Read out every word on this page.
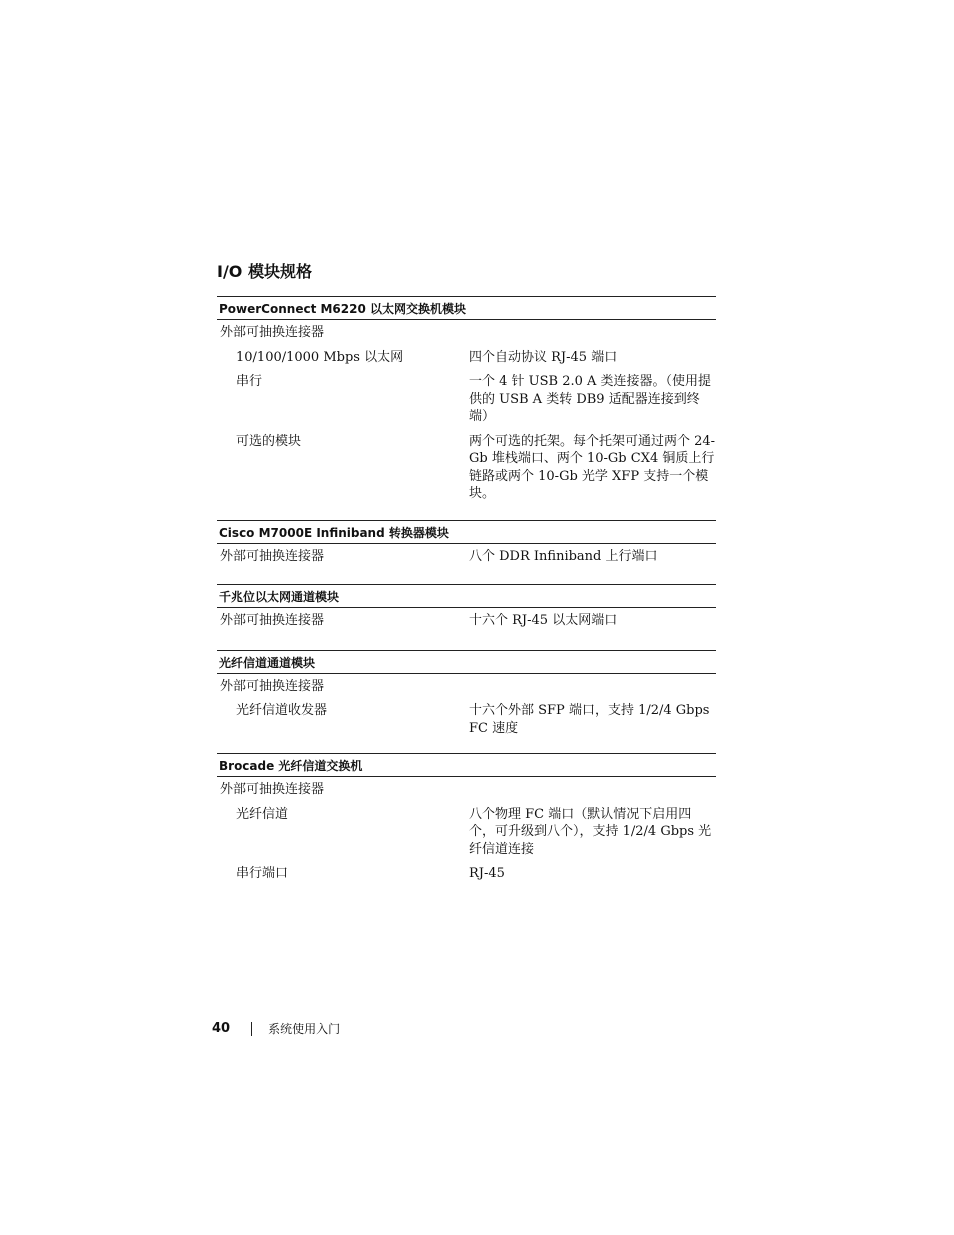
I/O 模块规格
PowerConnect M6220 以太网交换机模块
外部可抽换连接器
10/100/1000 Mbps 以太网	四个自动协议 RJ-45 端口
串行	一个 4 针 USB 2.0 A 类连接器。（使用提供的 USB A 类转 DB9 适配器连接到终端）
可选的模块	两个可选的托架。每个托架可通过两个 24-Gb 堆栈端口、两个 10-Gb CX4 铜质上行链路或两个 10-Gb 光学 XFP 支持一个模块。
Cisco M7000E Infiniband 转换器模块
外部可抽换连接器	八个 DDR Infiniband 上行端口
千兆位以太网通道模块
外部可抽换连接器	十六个 RJ-45 以太网端口
光纤信道通道模块
外部可抽换连接器
光纤信道收发器	十六个外部 SFP 端口，支持 1/2/4 Gbps FC 速度
Brocade 光纤信道交换机
外部可抽换连接器
光纤信道	八个物理 FC 端口（默认情况下启用四个，可升级到八个），支持 1/2/4 Gbps 光纤信道连接
串行端口	RJ-45
40	系统使用入门
